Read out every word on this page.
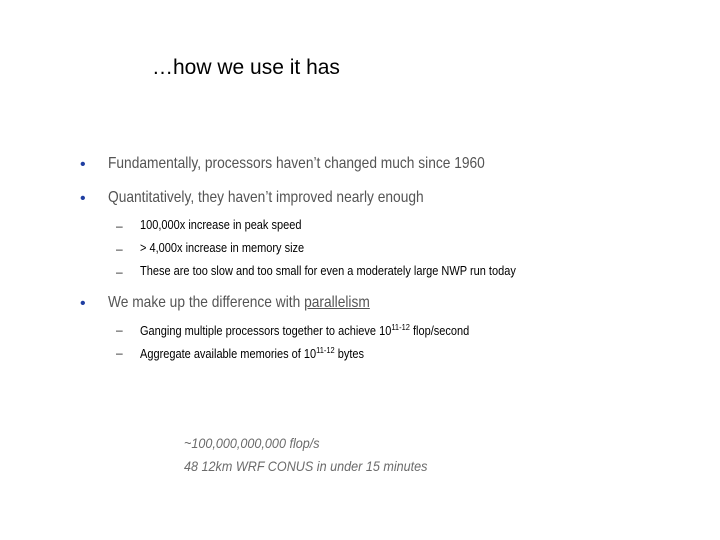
…how we use it has
• Fundamentally, processors haven’t changed much since 1960
• Quantitatively, they haven’t improved nearly enough
– 100,000x increase in peak speed
– > 4,000x increase in memory size
– These are too slow and too small for even a moderately large NWP run today
• We make up the difference with parallelism
– Ganging multiple processors together to achieve 10$^{11-12}$ flop/second
– Aggregate available memories of 10$^{11-12}$ bytes
~100,000,000,000 flop/s
48 12km WRF CONUS in under 15 minutes
